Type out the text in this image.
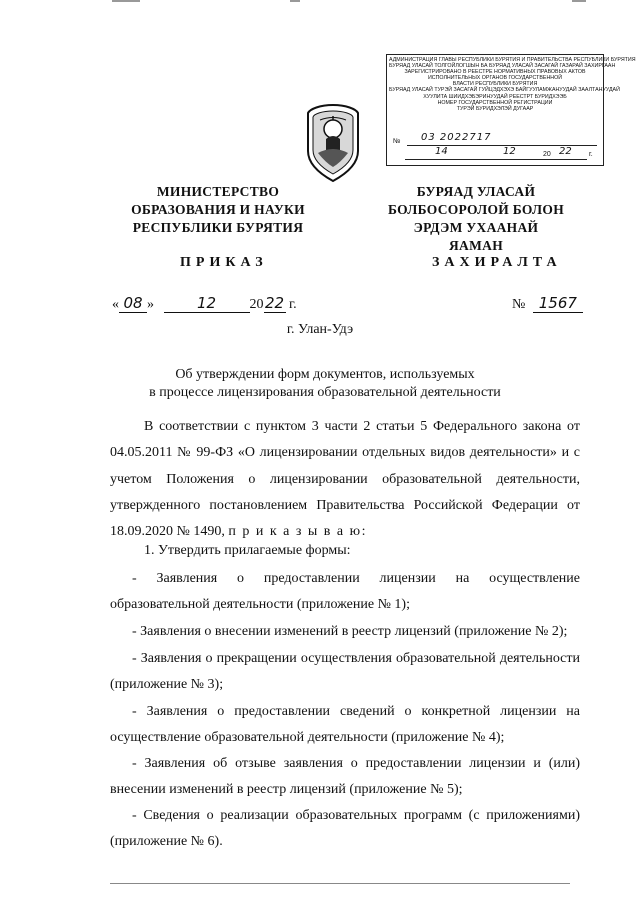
АДМИНИСТРАЦИЯ ГЛАВЫ РЕСПУБЛИКИ БУРЯТИЯ И ПРАВИТЕЛЬСТВА РЕСПУБЛИКИ БУРЯТИЯ
БУРЯАД УЛАСАЙ ТОЛГОЙЛОГШЫН БА БУРЯАД УЛАСАЙ ЗАСАГАЙ ГАЗАРАЙ ЗАХИРГААН
ЗАРЕГИСТРИРОВАНО В РЕЕСТРЕ НОРМАТИВНЫХ ПРАВОВЫХ АКТОВ
ИСПОЛНИТЕЛЬНЫХ ОРГАНОВ ГОСУДАРСТВЕННОЙ
ВЛАСТИ РЕСПУБЛИКИ БУРЯТИЯ
БУРЯАД УЛАСАЙ ТУРЭЙ ЗАСАГАЙ ГУЙЦЭДХЭХЭ БАЙГУУЛАМЖАНУУДАЙ ЗААЛТАНУУДАЙ
ХУУЛИТА ШИИДХЭБЭРИНУУДАЙ РЕЕСТРТ БУРИДХЭЭБ
НОМЕР ГОСУДАРСТВЕННОЙ РЕГИСТРАЦИИ
ТУРЭЙ БУРИДХЭЛЭЙ ДУГААР
№ 03 2022717
14	12	20 22 г.
МИНИСТЕРСТВО
ОБРАЗОВАНИЯ И НАУКИ
РЕСПУБЛИКИ БУРЯТИЯ
БУРЯАД УЛАСАЙ
БОЛБОСОРОЛОЙ БОЛОН
ЭРДЭМ УХААНАЙ ЯАМАН
ПРИКАЗ	ЗАХИРАЛТА
« 08 »	12 2022 г.	№ 1567
г. Улан-Удэ
Об утверждении форм документов, используемых
в процессе лицензирования образовательной деятельности
В соответствии с пунктом 3 части 2 статьи 5 Федерального закона от 04.05.2011 № 99-ФЗ «О лицензировании отдельных видов деятельности» и с учетом Положения о лицензировании образовательной деятельности, утвержденного постановлением Правительства Российской Федерации от 18.09.2020 № 1490, п р и к а з ы в а ю:
1. Утвердить прилагаемые формы:
- Заявления о предоставлении лицензии на осуществление образовательной деятельности (приложение № 1);
- Заявления о внесении изменений в реестр лицензий (приложение № 2);
- Заявления о прекращении осуществления образовательной деятельности (приложение № 3);
- Заявления о предоставлении сведений о конкретной лицензии на осуществление образовательной деятельности (приложение № 4);
- Заявления об отзыве заявления о предоставлении лицензии и (или) внесении изменений в реестр лицензий (приложение № 5);
- Сведения о реализации образовательных программ (с приложениями) (приложение № 6).
